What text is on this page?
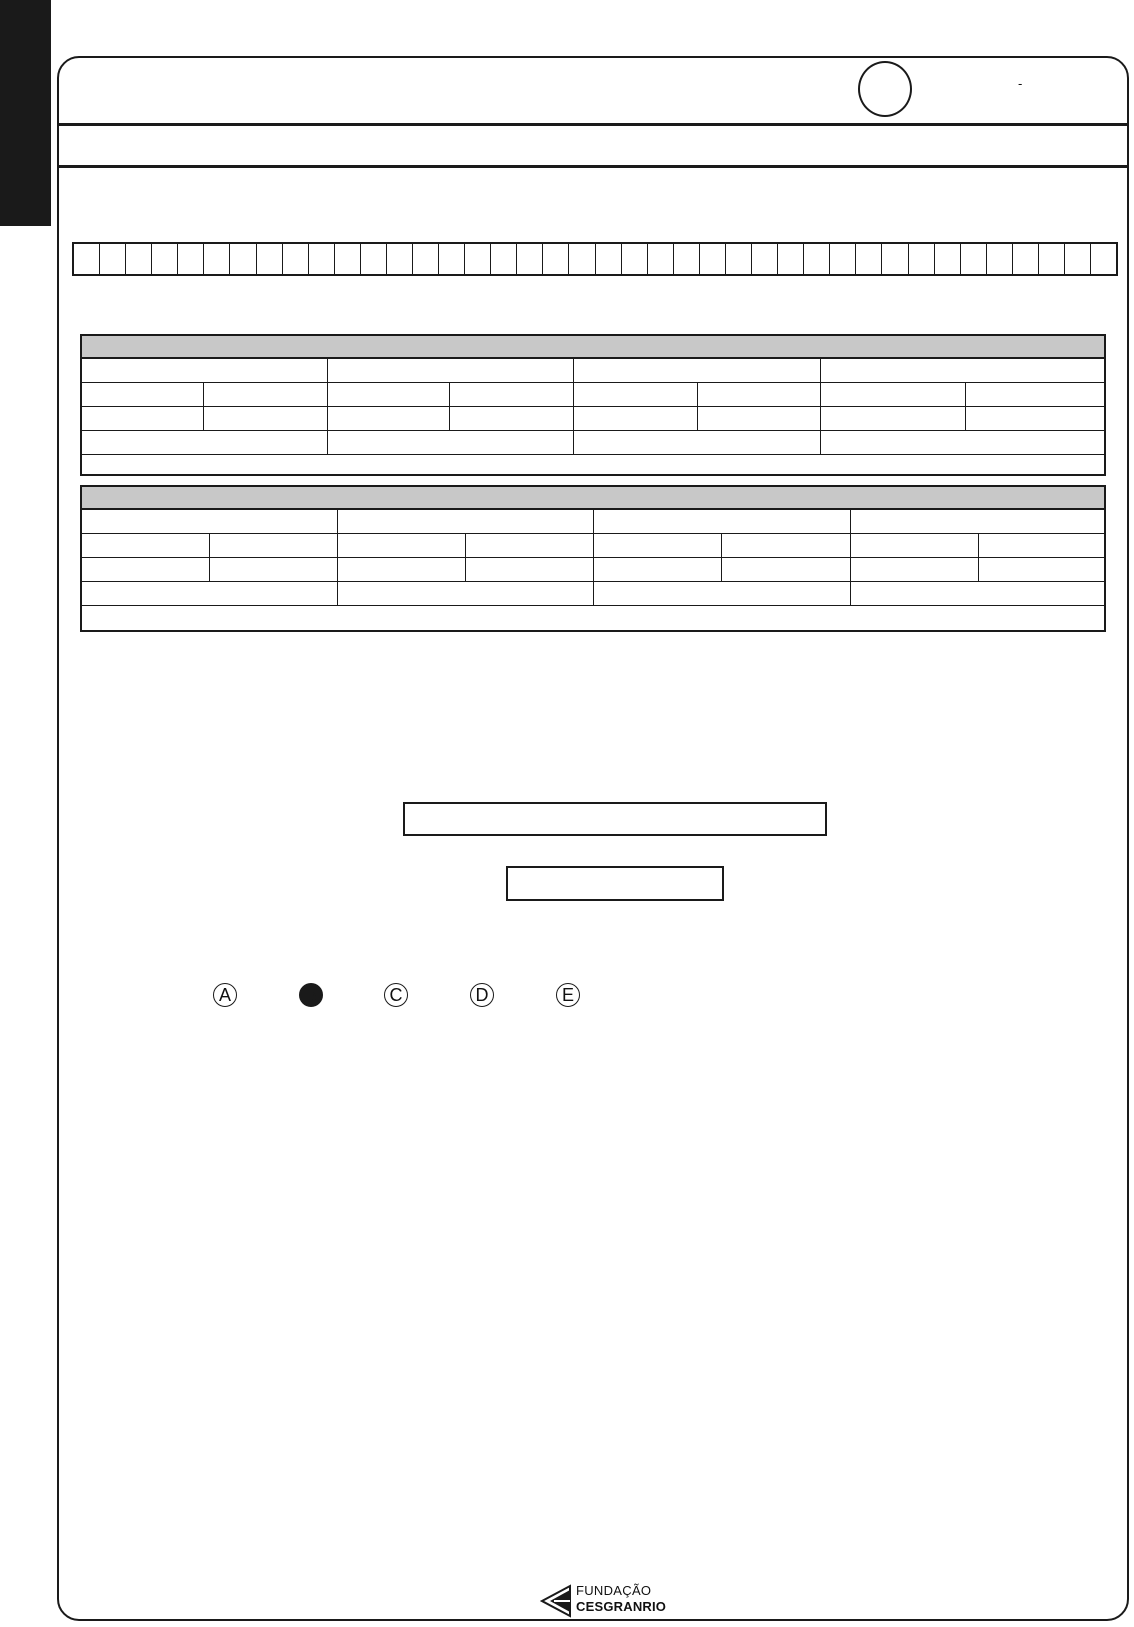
-
A	B	C	D	E
FUNDAÇÃO
CESGRANRIO
